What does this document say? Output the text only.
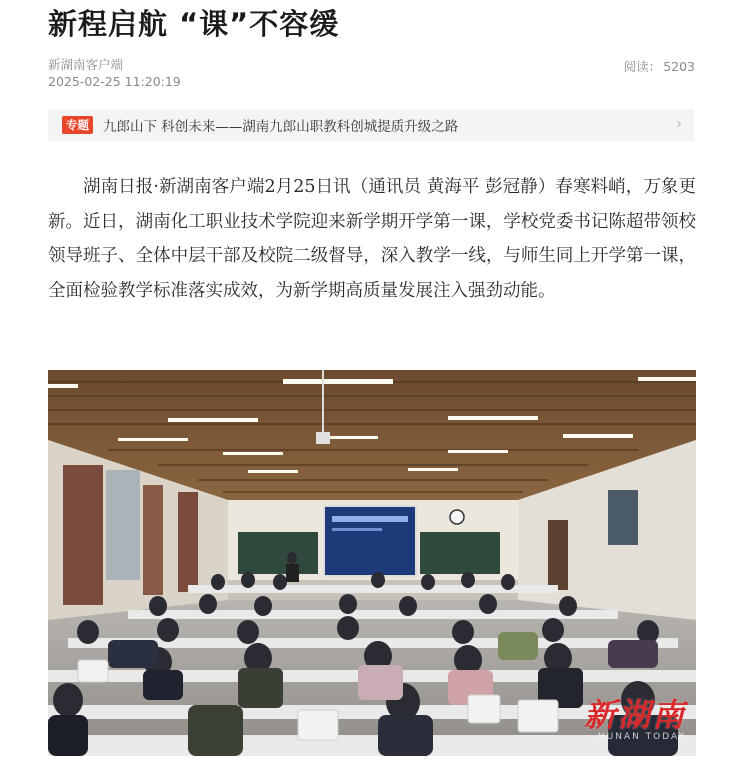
新程启航 “课”不容缓
新湖南客户端
2025-02-25 11:20:19
阅读： 5203
专题 九郎山下 科创未来——湖南九郎山职教科创城提质升级之路	›

湖南日报·新湖南客户端2月25日讯（通讯员 黄海平 彭冠静）春寒料峭，万象更新。近日，湖南化工职业技术学院迎来新学期开学第一课，学校党委书记陈超带领校领导班子、全体中层干部及校院二级督导，深入教学一线，与师生同上开学第一课，全面检验教学标准落实成效，为新学期高质量发展注入强劲动能。

新湖南
HUNAN TODAY
